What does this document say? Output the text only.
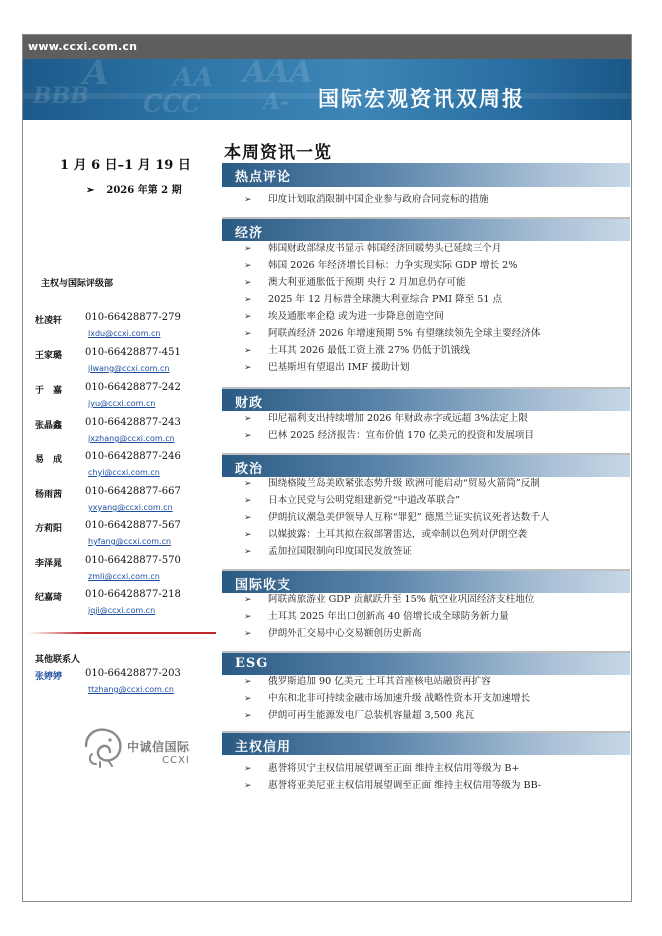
www.ccxi.com.cn
A AA
BBB CCC
AAA
A- 国际宏观资讯双周报
1 月 6 日–1 月 19 日
➢ 2026 年第 2 期
主权与国际评级部
杜凌轩 010-66428877-279
lxdu@ccxi.com.cn
王家璐 010-66428877-451
jlwang@ccxi.com.cn
于　嘉 010-66428877-242
jyu@ccxi.com.cn
张晶鑫 010-66428877-243
jxzhang@ccxi.com.cn
易　成 010-66428877-246
chyi@ccxi.com.cn
杨雨茜 010-66428877-667
yxyang@ccxi.com.cn
方莉阳 010-66428877-567
hyfang@ccxi.com.cn
李泽晁 010-66428877-570
zmli@ccxi.com.cn
纪嘉琦 010-66428877-218
jqji@ccxi.com.cn
其他联系人
张婷婷 010-66428877-203
ttzhang@ccxi.com.cn
中诚信国际
CCXI
本周资讯一览
热点评论
➢ 印度计划取消限制中国企业参与政府合同竞标的措施
经济
➢ 韩国财政部绿皮书显示 韩国经济回暖势头已延续三个月
➢ 韩国 2026 年经济增长目标：力争实现实际 GDP 增长 2%
➢ 澳大利亚通胀低于预期 央行 2 月加息仍存可能
➢ 2025 年 12 月标普全球澳大利亚综合 PMI 降至 51 点
➢ 埃及通胀率企稳 或为进一步降息创造空间
➢ 阿联酋经济 2026 年增速预期 5% 有望继续领先全球主要经济体
➢ 土耳其 2026 最低工资上涨 27% 仍低于饥饿线
➢ 巴基斯坦有望退出 IMF 援助计划
财政
➢ 印尼福利支出持续增加 2026 年财政赤字或远超 3%法定上限
➢ 巴林 2025 经济报告：宣布价值 170 亿美元的投资和发展项目
政治
➢ 围绕格陵兰岛美欧紧张态势升级 欧洲可能启动“贸易火箭筒”反制
➢ 日本立民党与公明党组建新党“中道改革联合”
➢ 伊朗抗议潮急美伊领导人互称“罪犯” 德黑兰证实抗议死者达数千人
➢ 以媒披露：土耳其拟在叙部署雷达，或牵制以色列对伊朗空袭
➢ 孟加拉国限制向印度国民发放签证
国际收支
➢ 阿联酋旅游业 GDP 贡献跃升至 15% 航空业巩固经济支柱地位
➢ 土耳其 2025 年出口创新高 40 倍增长成全球防务新力量
➢ 伊朗外汇交易中心交易额创历史新高
ESG
➢ 俄罗斯追加 90 亿美元 土耳其首座核电站融资再扩容
➢ 中东和北非可持续金融市场加速升级 战略性资本开支加速增长
➢ 伊朗可再生能源发电厂总装机容量超 3,500 兆瓦
主权信用
➢ 惠誉将贝宁主权信用展望调至正面 维持主权信用等级为 B+
➢ 惠誉将亚美尼亚主权信用展望调至正面 维持主权信用等级为 BB-
